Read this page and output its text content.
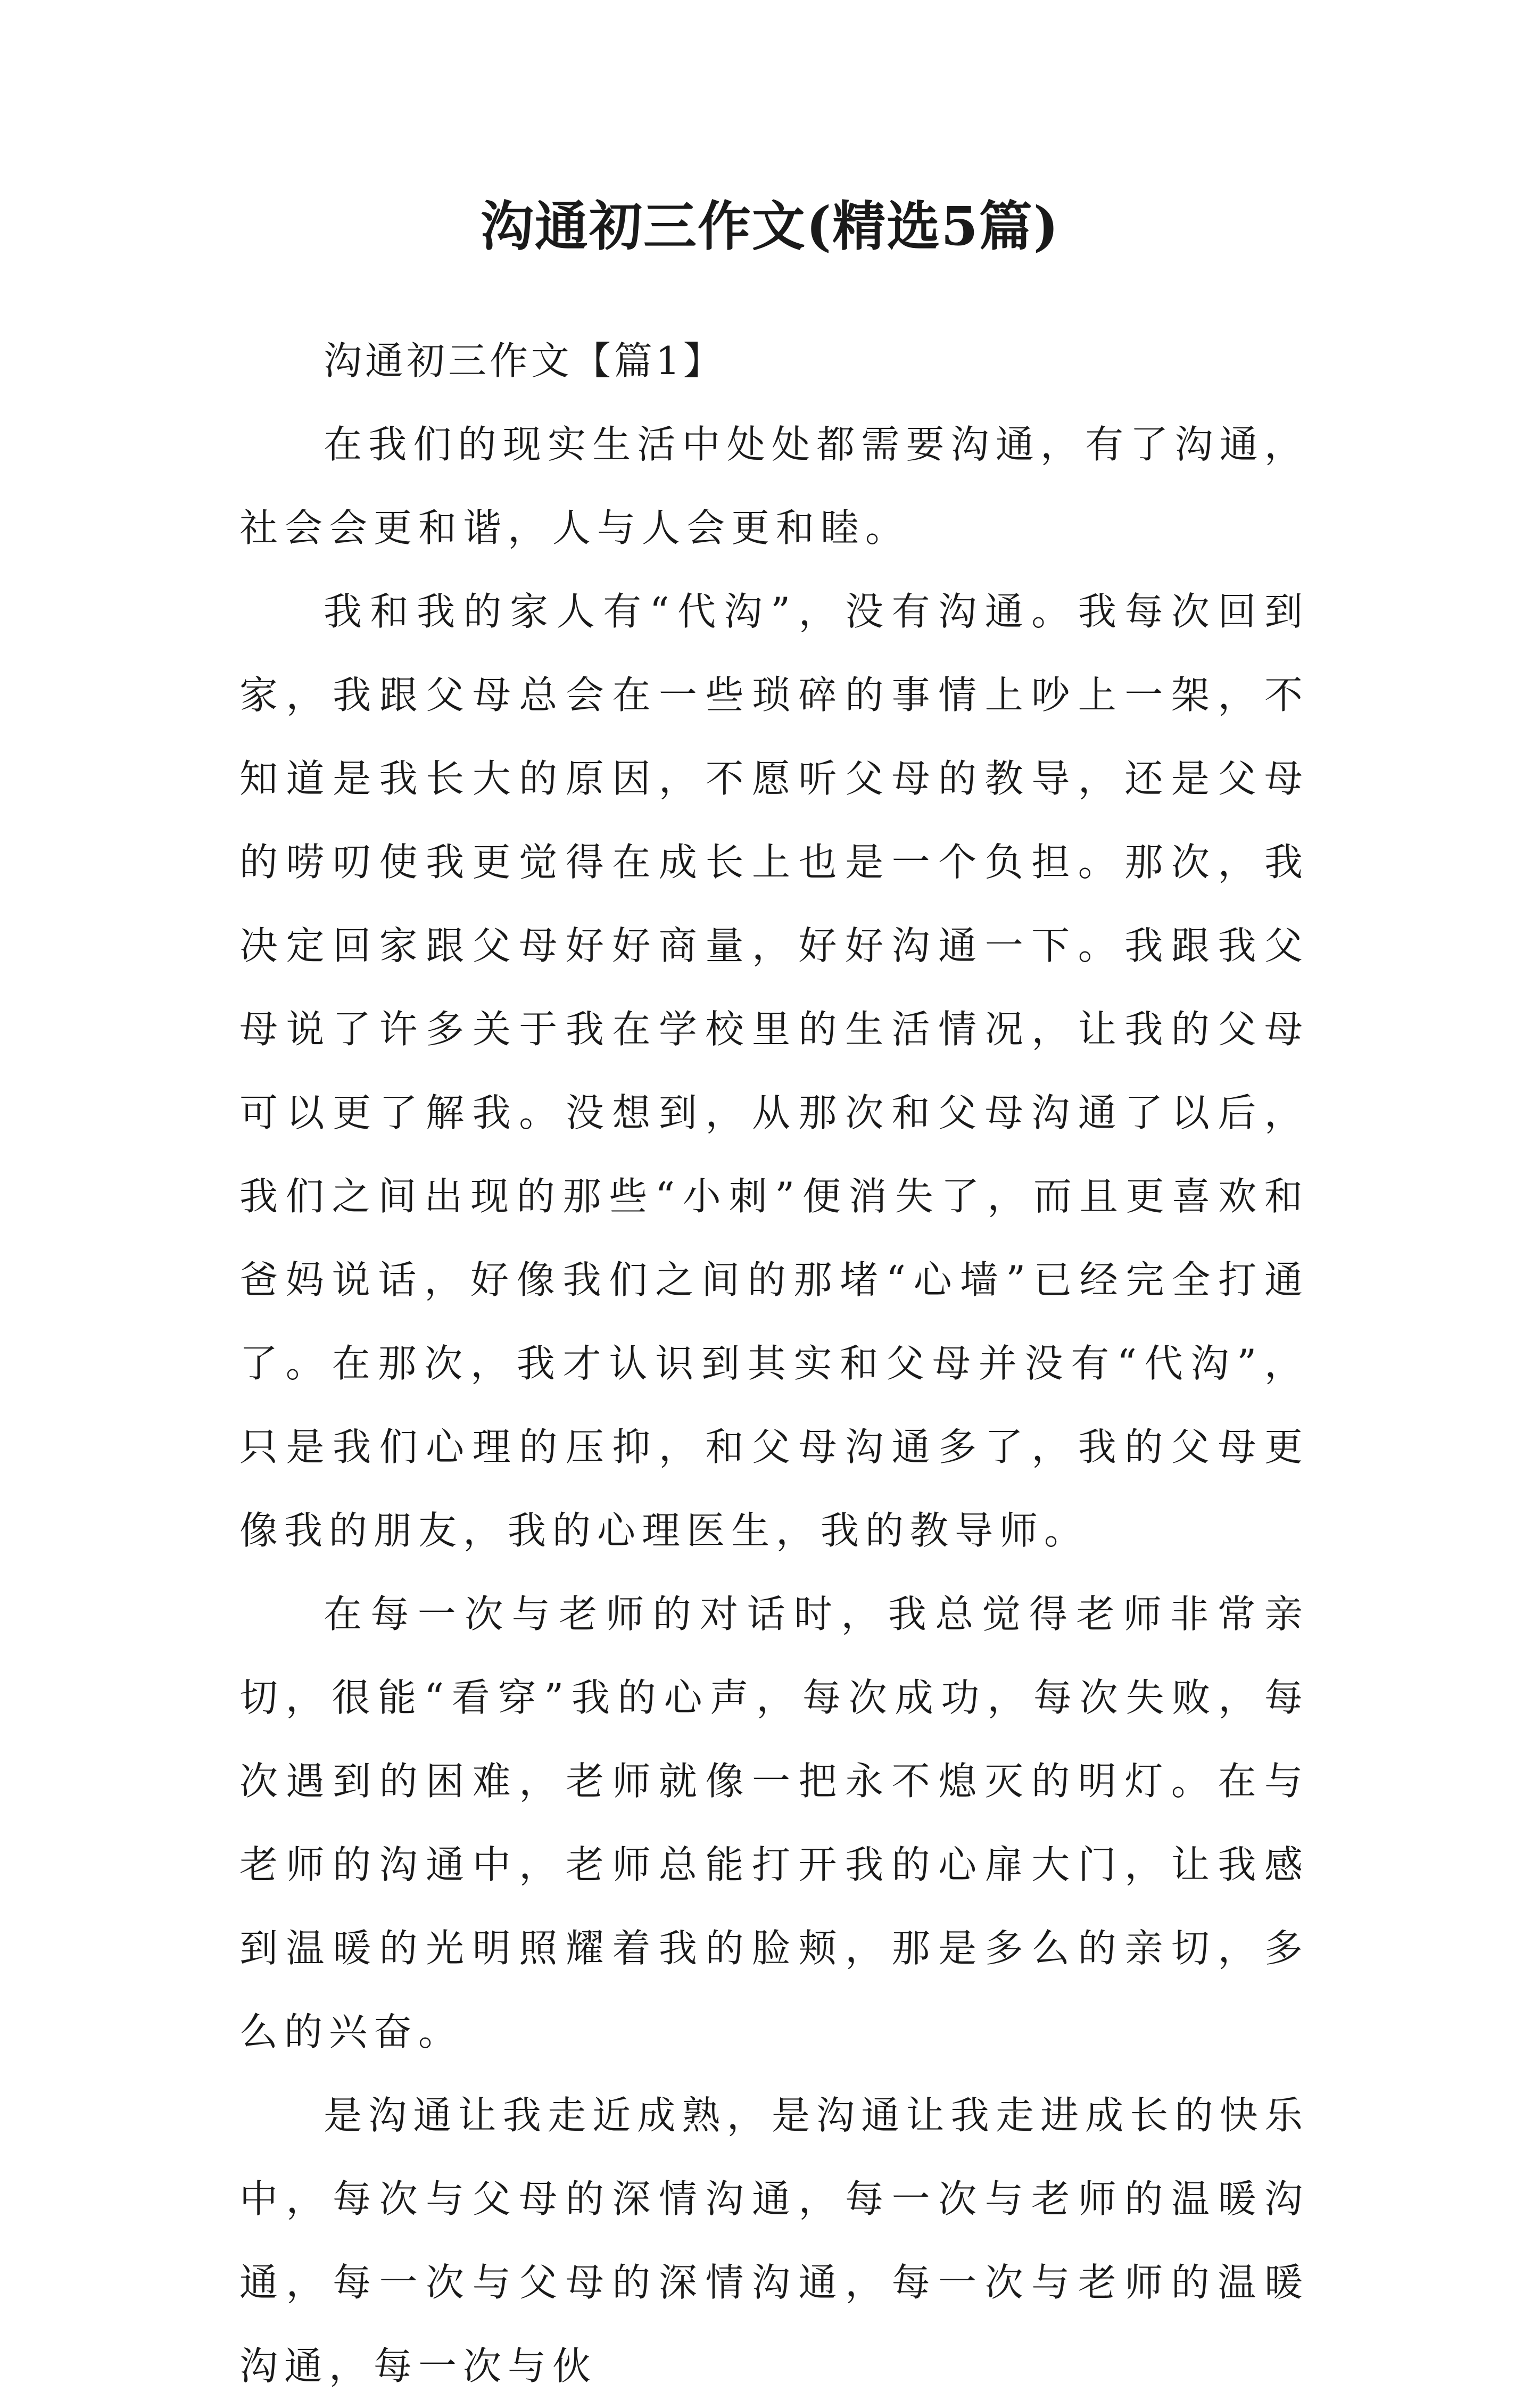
沟通初三作文(精选5篇)

沟通初三作文【篇1】

在我们的现实生活中处处都需要沟通，有了沟通，社会会更和谐，人与人会更和睦。

我和我的家人有“代沟”，没有沟通。我每次回到家，我跟父母总会在一些琐碎的事情上吵上一架，不知道是我长大的原因，不愿听父母的教导，还是父母的唠叨使我更觉得在成长上也是一个负担。那次，我决定回家跟父母好好商量，好好沟通一下。我跟我父母说了许多关于我在学校里的生活情况，让我的父母可以更了解我。没想到，从那次和父母沟通了以后，我们之间出现的那些“小刺”便消失了，而且更喜欢和爸妈说话，好像我们之间的那堵“心墙”已经完全打通了。在那次，我才认识到其实和父母并没有“代沟”，只是我们心理的压抑，和父母沟通多了，我的父母更像我的朋友，我的心理医生，我的教导师。

在每一次与老师的对话时，我总觉得老师非常亲切，很能“看穿”我的心声，每次成功，每次失败，每次遇到的困难，老师就像一把永不熄灭的明灯。在与老师的沟通中，老师总能打开我的心扉大门，让我感到温暖的光明照耀着我的脸颊，那是多么的亲切，多么的兴奋。

是沟通让我走近成熟，是沟通让我走进成长的快乐中，每次与父母的深情沟通，每一次与老师的温暖沟通，每一次与父母的深情沟通，每一次与老师的温暖沟通，每一次与伙
